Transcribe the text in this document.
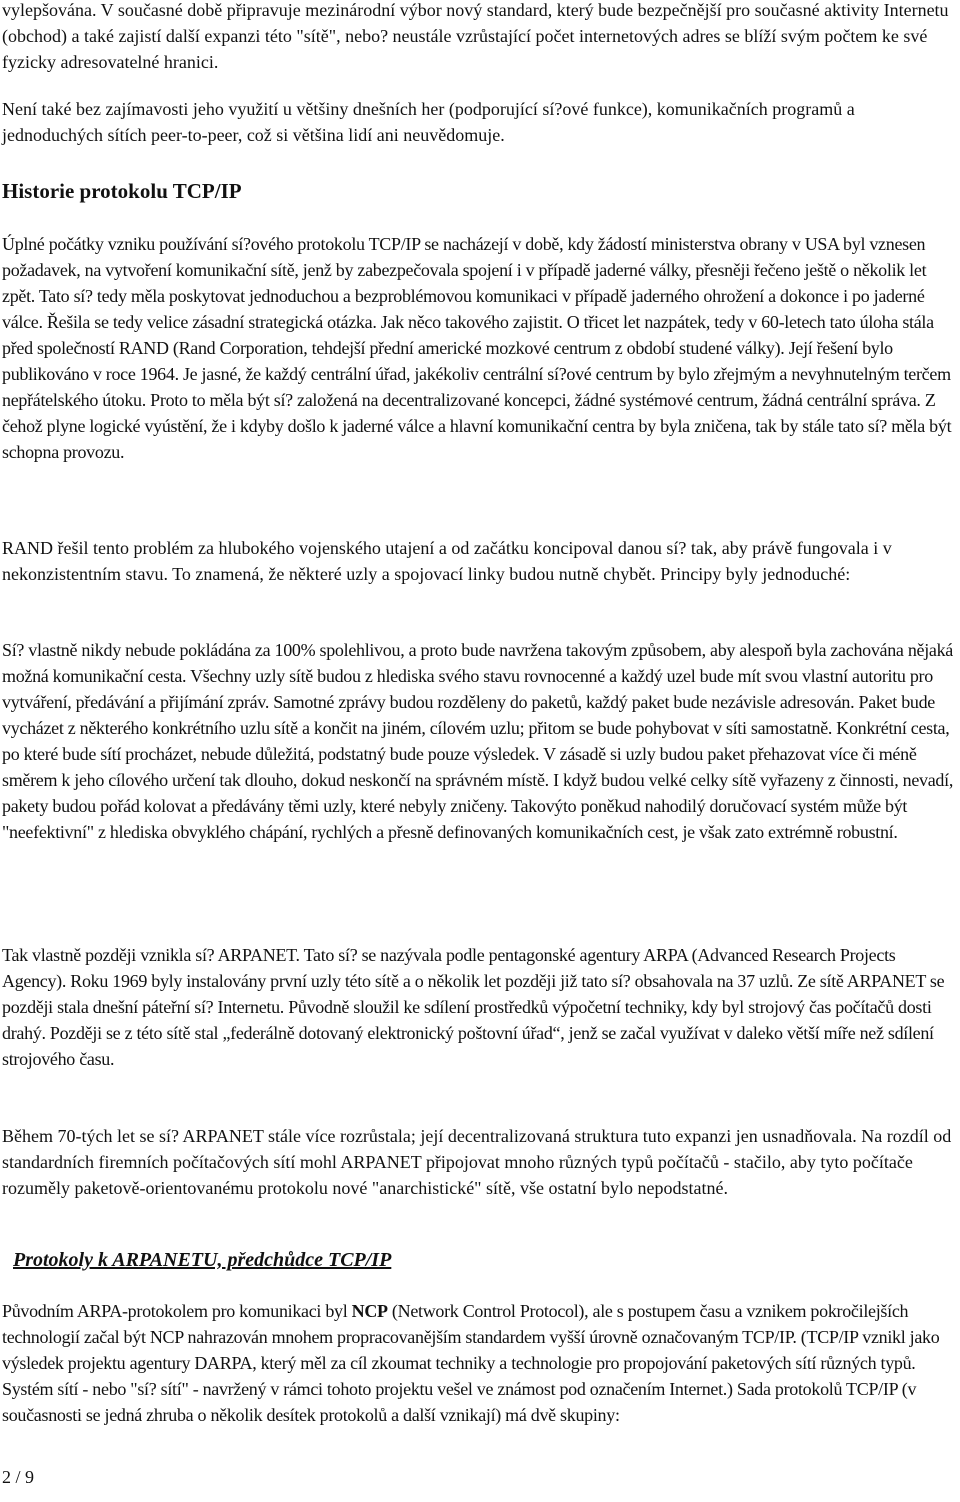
vylepšována. V současné době připravuje mezinárodní výbor nový standard, který bude bezpečnější pro současné aktivity Internetu (obchod) a také zajistí další expanzi této "sítě", nebo? neustále vzrůstající počet internetových adres se blíží svým počtem ke své fyzicky adresovatelné hranici.

Není také bez zajímavosti jeho využití u většiny dnešních her (podporující sí?ové funkce), komunikačních programů a jednoduchých sítích peer-to-peer, což si většina lidí ani neuvědomuje.

Historie protokolu TCP/IP

Úplné počátky vzniku používání sí?ového protokolu TCP/IP se nacházejí v době, kdy žádostí ministerstva obrany v USA byl vznesen požadavek, na vytvoření komunikační sítě, jenž by zabezpečovala spojení i v případě jaderné války, přesněji řečeno ještě o několik let zpět. Tato sí? tedy měla poskytovat jednoduchou a bezproblémovou komunikaci v případě jaderného ohrožení a dokonce i po jaderné válce. Řešila se tedy velice zásadní strategická otázka. Jak něco takového zajistit. O třicet let nazpátek, tedy v 60-letech tato úloha stála před společností RAND (Rand Corporation, tehdejší přední americké mozkové centrum z období studené války). Její řešení bylo publikováno v roce 1964. Je jasné, že každý centrální úřad, jakékoliv centrální sí?ové centrum by bylo zřejmým a nevyhnutelným terčem nepřátelského útoku. Proto to měla být sí? založená na decentralizované koncepci, žádné systémové centrum, žádná centrální správa. Z čehož plyne logické vyústění, že i kdyby došlo k jaderné válce a hlavní komunikační centra by byla zničena, tak by stále tato sí? měla být schopna provozu.

RAND řešil tento problém za hlubokého vojenského utajení a od začátku koncipoval danou sí? tak, aby právě fungovala i v nekonzistentním stavu. To znamená, že některé uzly a spojovací linky budou nutně chybět. Principy byly jednoduché:

Sí? vlastně nikdy nebude pokládána za 100% spolehlivou, a proto bude navržena takovým způsobem, aby alespoň byla zachována nějaká možná komunikační cesta. Všechny uzly sítě budou z hlediska svého stavu rovnocenné a každý uzel bude mít svou vlastní autoritu pro vytváření, předávání a přijímání zpráv. Samotné zprávy budou rozděleny do paketů, každý paket bude nezávisle adresován. Paket bude vycházet z některého konkrétního uzlu sítě a končit na jiném, cílovém uzlu; přitom se bude pohybovat v síti samostatně. Konkrétní cesta, po které bude sítí procházet, nebude důležitá, podstatný bude pouze výsledek. V zásadě si uzly budou paket přehazovat více či méně směrem k jeho cílového určení tak dlouho, dokud neskončí na správném místě. I když budou velké celky sítě vyřazeny z činnosti, nevadí, pakety budou pořád kolovat a předávány těmi uzly, které nebyly zničeny. Takovýto poněkud nahodilý doručovací systém může být "neefektivní" z hlediska obvyklého chápání, rychlých a přesně definovaných komunikačních cest, je však zato extrémně robustní.

Tak vlastně později vznikla sí? ARPANET. Tato sí? se nazývala podle pentagonské agentury ARPA (Advanced Research Projects Agency). Roku 1969 byly instalovány první uzly této sítě a o několik let později již tato sí? obsahovala na 37 uzlů. Ze sítě ARPANET se později stala dnešní páteřní sí? Internetu. Původně sloužil ke sdílení prostředků výpočetní techniky, kdy byl strojový čas počítačů dosti drahý. Později se z této sítě stal „federálně dotovaný elektronický poštovní úřad“, jenž se začal využívat v daleko větší míře než sdílení strojového času.

Během 70-tých let se sí? ARPANET stále více rozrůstala; její decentralizovaná struktura tuto expanzi jen usnadňovala. Na rozdíl od standardních firemních počítačových sítí mohl ARPANET připojovat mnoho různých typů počítačů - stačilo, aby tyto počítače rozuměly paketově-orientovanému protokolu nové "anarchistické" sítě, vše ostatní bylo nepodstatné.

Protokoly k ARPANETU, předchůdce TCP/IP

Původním ARPA-protokolem pro komunikaci byl NCP (Network Control Protocol), ale s postupem času a vznikem pokročilejších technologií začal být NCP nahrazován mnohem propracovanějším standardem vyšší úrovně označovaným TCP/IP. (TCP/IP vznikl jako výsledek projektu agentury DARPA, který měl za cíl zkoumat techniky a technologie pro propojování paketových sítí různých typů. Systém sítí - nebo "sí? sítí" - navržený v rámci tohoto projektu vešel ve známost pod označením Internet.) Sada protokolů TCP/IP (v současnosti se jedná zhruba o několik desítek protokolů a další vznikají) má dvě skupiny:

2 / 9
